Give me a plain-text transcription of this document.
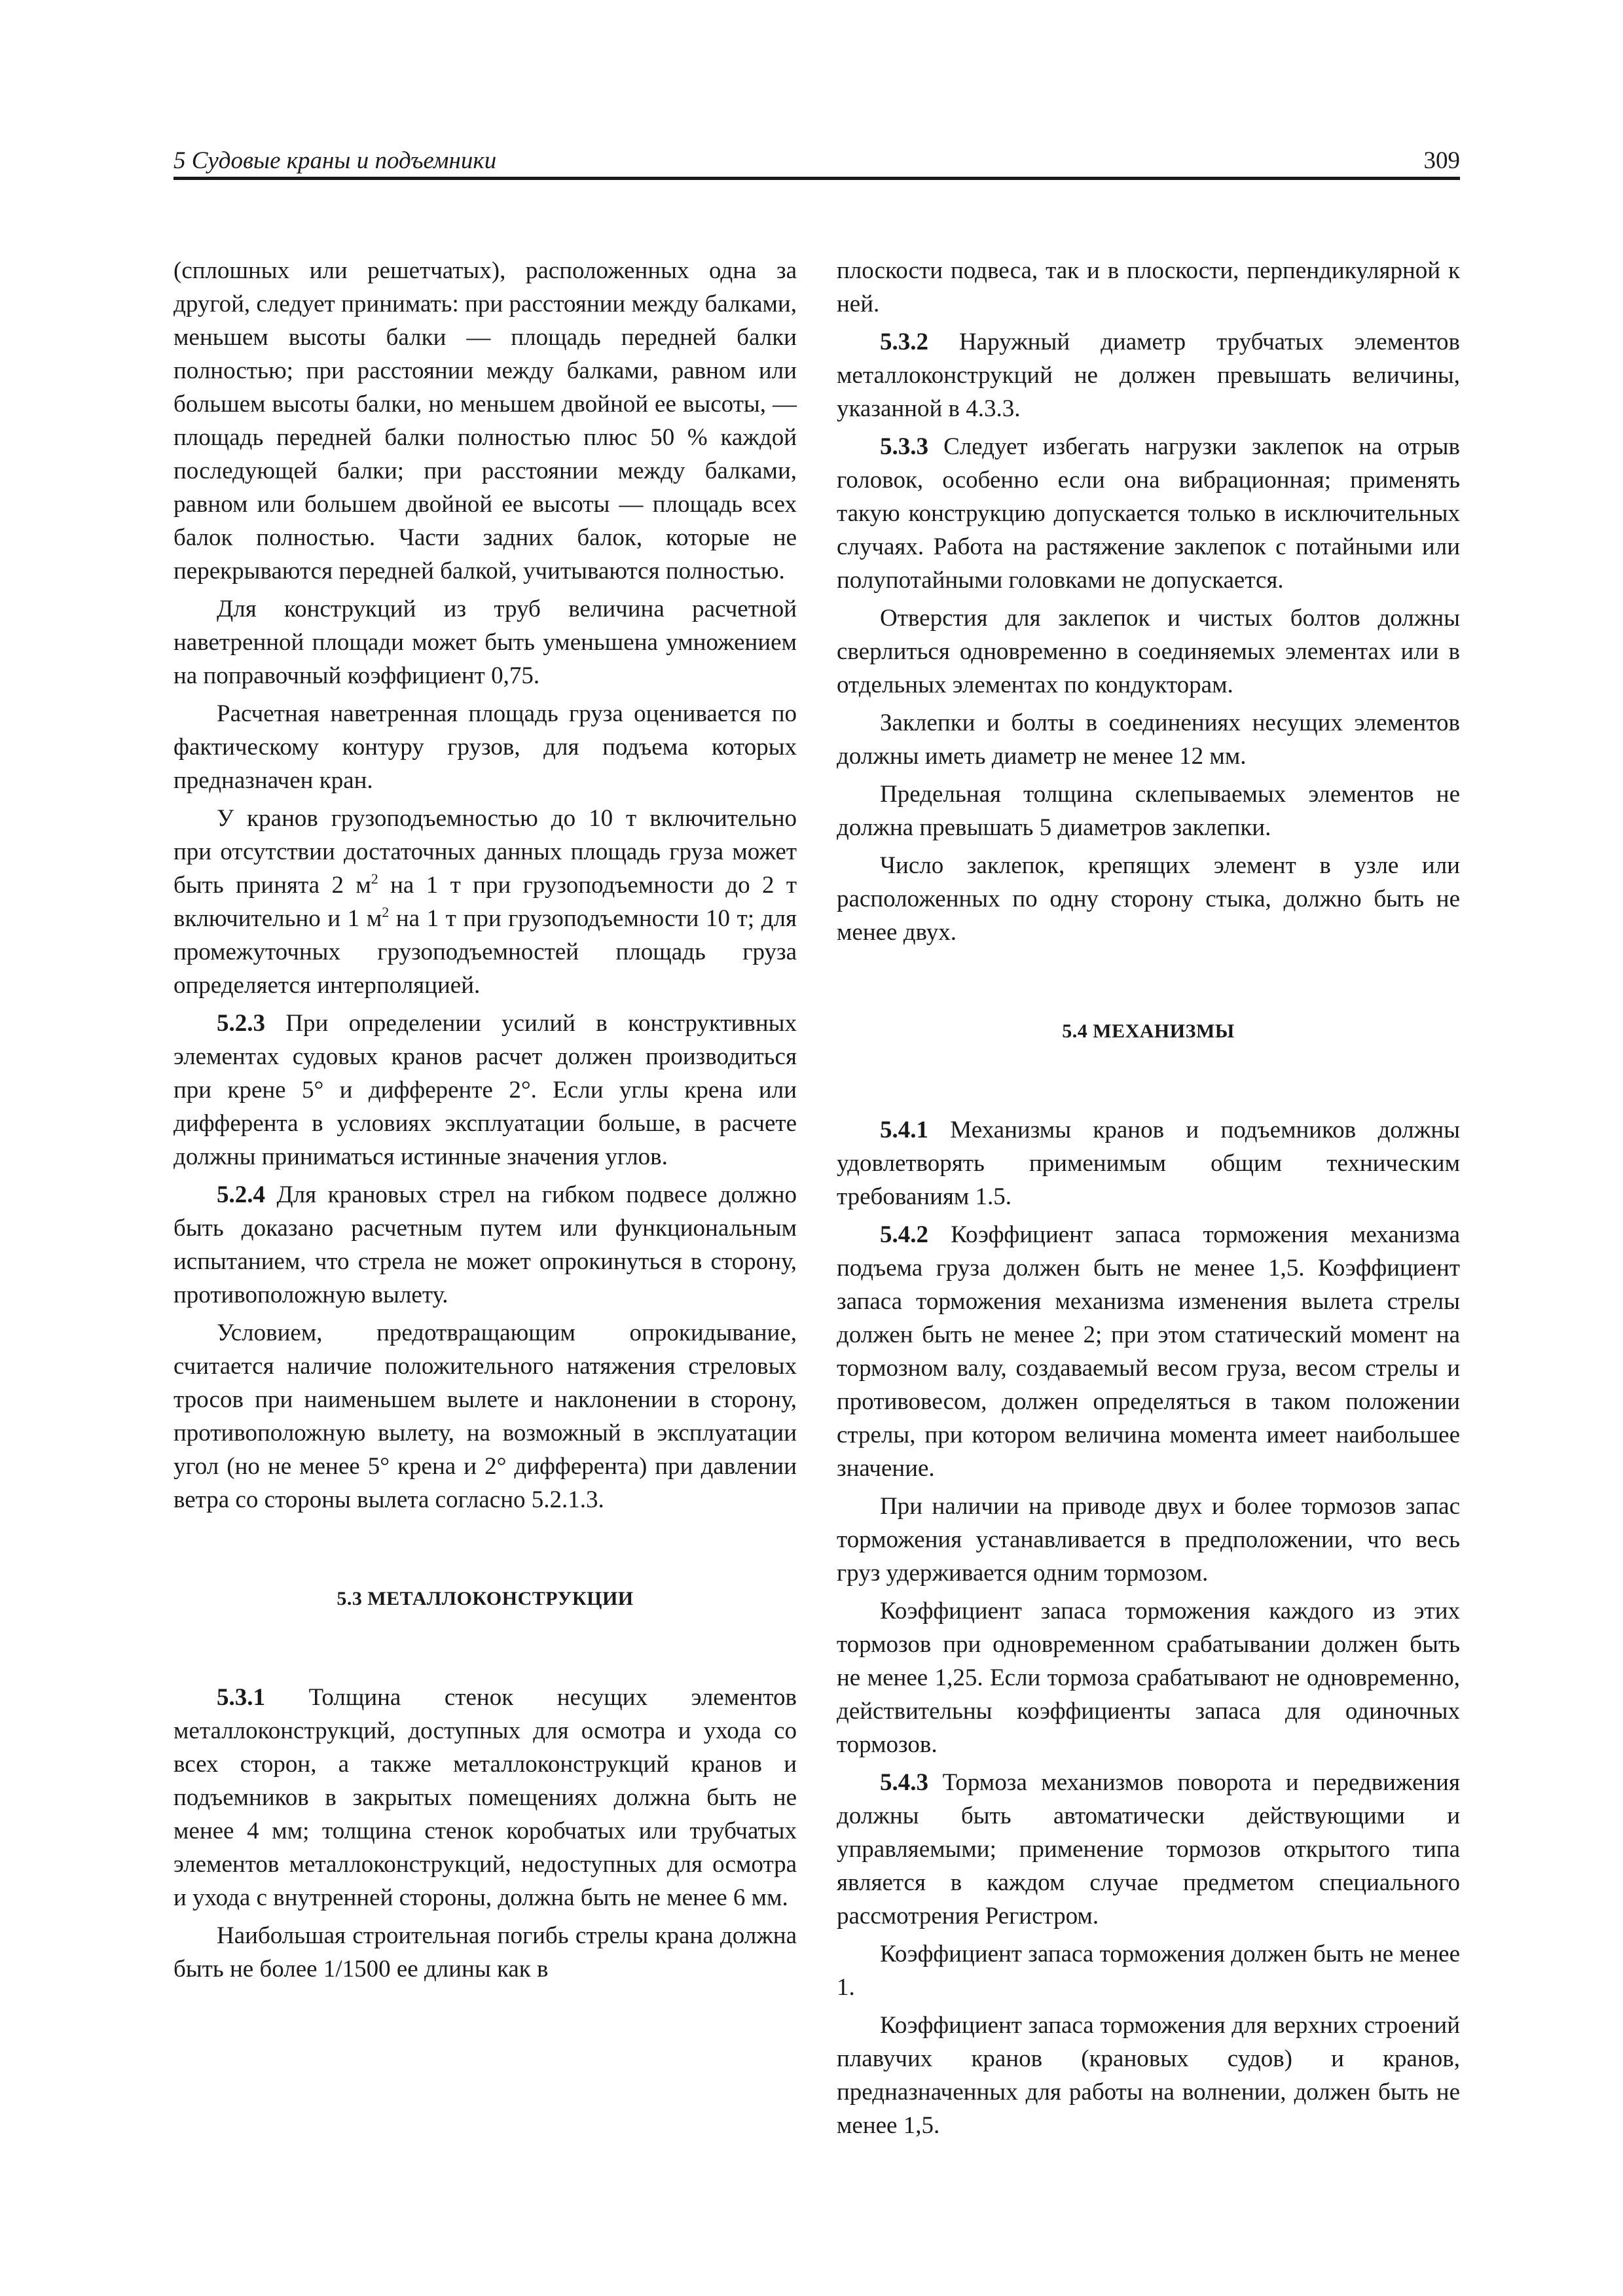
5 Судовые краны и подъемники	309

(сплошных или решетчатых), расположенных одна за другой, следует принимать: при расстоянии между балками, меньшем высоты балки — площадь передней балки полностью; при расстоянии между балками, равном или большем высоты балки, но меньшем двойной ее высоты, — площадь передней балки полностью плюс 50 % каждой последующей балки; при расстоянии между балками, равном или большем двойной ее высоты — площадь всех балок полностью. Части задних балок, которые не перекрываются передней балкой, учитываются полностью.

Для конструкций из труб величина расчетной наветренной площади может быть уменьшена умножением на поправочный коэффициент 0,75.

Расчетная наветренная площадь груза оценивается по фактическому контуру грузов, для подъема которых предназначен кран.

У кранов грузоподъемностью до 10 т включительно при отсутствии достаточных данных площадь груза может быть принята 2 $м^2$ на 1 т при грузоподъемности до 2 т включительно и 1 $м^2$ на 1 т при грузоподъемности 10 т; для промежуточных грузоподъемностей площадь груза определяется интерполяцией.

5.2.3 При определении усилий в конструктивных элементах судовых кранов расчет должен производиться при крене 5° и дифференте 2°. Если углы крена или дифферента в условиях эксплуатации больше, в расчете должны приниматься истинные значения углов.

5.2.4 Для крановых стрел на гибком подвесе должно быть доказано расчетным путем или функциональным испытанием, что стрела не может опрокинуться в сторону, противоположную вылету.

Условием, предотвращающим опрокидывание, считается наличие положительного натяжения стреловых тросов при наименьшем вылете и наклонении в сторону, противоположную вылету, на возможный в эксплуатации угол (но не менее 5° крена и 2° дифферента) при давлении ветра со стороны вылета согласно 5.2.1.3.

5.3 МЕТАЛЛОКОНСТРУКЦИИ

5.3.1 Толщина стенок несущих элементов металлоконструкций, доступных для осмотра и ухода со всех сторон, а также металлоконструкций кранов и подъемников в закрытых помещениях должна быть не менее 4 мм; толщина стенок коробчатых или трубчатых элементов металлоконструкций, недоступных для осмотра и ухода с внутренней стороны, должна быть не менее 6 мм.

Наибольшая строительная погибь стрелы крана должна быть не более 1/1500 ее длины как в

плоскости подвеса, так и в плоскости, перпендикулярной к ней.

5.3.2 Наружный диаметр трубчатых элементов металлоконструкций не должен превышать величины, указанной в 4.3.3.

5.3.3 Следует избегать нагрузки заклепок на отрыв головок, особенно если она вибрационная; применять такую конструкцию допускается только в исключительных случаях. Работа на растяжение заклепок с потайными или полупотайными головками не допускается.

Отверстия для заклепок и чистых болтов должны сверлиться одновременно в соединяемых элементах или в отдельных элементах по кондукторам.

Заклепки и болты в соединениях несущих элементов должны иметь диаметр не менее 12 мм.

Предельная толщина склепываемых элементов не должна превышать 5 диаметров заклепки.

Число заклепок, крепящих элемент в узле или расположенных по одну сторону стыка, должно быть не менее двух.

5.4 МЕХАНИЗМЫ

5.4.1 Механизмы кранов и подъемников должны удовлетворять применимым общим техническим требованиям 1.5.

5.4.2 Коэффициент запаса торможения механизма подъема груза должен быть не менее 1,5. Коэффициент запаса торможения механизма изменения вылета стрелы должен быть не менее 2; при этом статический момент на тормозном валу, создаваемый весом груза, весом стрелы и противовесом, должен определяться в таком положении стрелы, при котором величина момента имеет наибольшее значение.

При наличии на приводе двух и более тормозов запас торможения устанавливается в предположении, что весь груз удерживается одним тормозом.

Коэффициент запаса торможения каждого из этих тормозов при одновременном срабатывании должен быть не менее 1,25. Если тормоза срабатывают не одновременно, действительны коэффициенты запаса для одиночных тормозов.

5.4.3 Тормоза механизмов поворота и передвижения должны быть автоматически действующими и управляемыми; применение тормозов открытого типа является в каждом случае предметом специального рассмотрения Регистром.

Коэффициент запаса торможения должен быть не менее 1.

Коэффициент запаса торможения для верхних строений плавучих кранов (крановых судов) и кранов, предназначенных для работы на волнении, должен быть не менее 1,5.
